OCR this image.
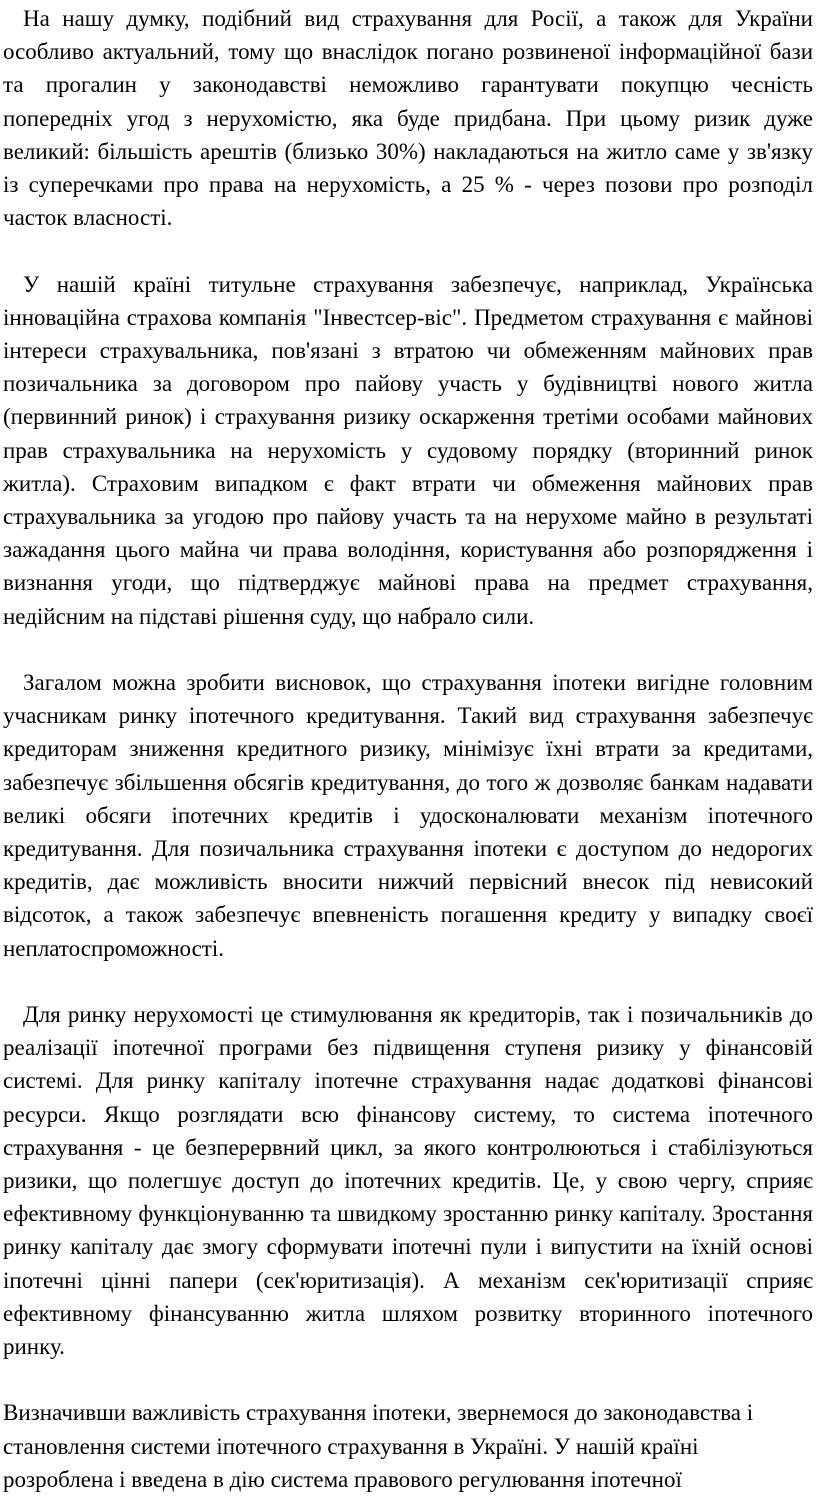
На нашу думку, подібний вид страхування для Росії, а також для України особливо актуальний, тому що внаслідок погано розвиненої інформаційної бази та прогалин у законодавстві неможливо гарантувати покупцю чесність попередніх угод з нерухомістю, яка буде придбана. При цьому ризик дуже великий: більшість арештів (близько 30%) накладаються на житло саме у зв'язку із суперечками про права на нерухомість, а 25 % - через позови про розподіл часток власності.

У нашій країні титульне страхування забезпечує, наприклад, Українська інноваційна страхова компанія "Інвестсер-віс". Предметом страхування є майнові інтереси страхувальника, пов'язані з втратою чи обмеженням майнових прав позичальника за договором про пайову участь у будівництві нового житла (первинний ринок) і страхування ризику оскарження третіми особами майнових прав страхувальника на нерухомість у судовому порядку (вторинний ринок житла). Страховим випадком є факт втрати чи обмеження майнових прав страхувальника за угодою про пайову участь та на нерухоме майно в результаті зажадання цього майна чи права володіння, користування або розпорядження і визнання угоди, що підтверджує майнові права на предмет страхування, недійсним на підставі рішення суду, що набрало сили.

Загалом можна зробити висновок, що страхування іпотеки вигідне головним учасникам ринку іпотечного кредитування. Такий вид страхування забезпечує кредиторам зниження кредитного ризику, мінімізує їхні втрати за кредитами, забезпечує збільшення обсягів кредитування, до того ж дозволяє банкам надавати великі обсяги іпотечних кредитів і удосконалювати механізм іпотечного кредитування. Для позичальника страхування іпотеки є доступом до недорогих кредитів, дає можливість вносити нижчий первісний внесок під невисокий відсоток, а також забезпечує впевненість погашення кредиту у випадку своєї неплатоспроможності.

Для ринку нерухомості це стимулювання як кредиторів, так і позичальників до реалізації іпотечної програми без підвищення ступеня ризику у фінансовій системі. Для ринку капіталу іпотечне страхування надає додаткові фінансові ресурси. Якщо розглядати всю фінансову систему, то система іпотечного страхування - це безперервний цикл, за якого контролюються і стабілізуються ризики, що полегшує доступ до іпотечних кредитів. Це, у свою чергу, сприяє ефективному функціонуванню та швидкому зростанню ринку капіталу. Зростання ринку капіталу дає змогу сформувати іпотечні пули і випустити на їхній основі іпотечні цінні папери (сек'юритизація). А механізм сек'юритизації сприяє ефективному фінансуванню житла шляхом розвитку вторинного іпотечного ринку.

Визначивши важливість страхування іпотеки, звернемося до законодавства і становлення системи іпотечного страхування в Україні. У нашій країні розроблена і введена в дію система правового регулювання іпотечної
